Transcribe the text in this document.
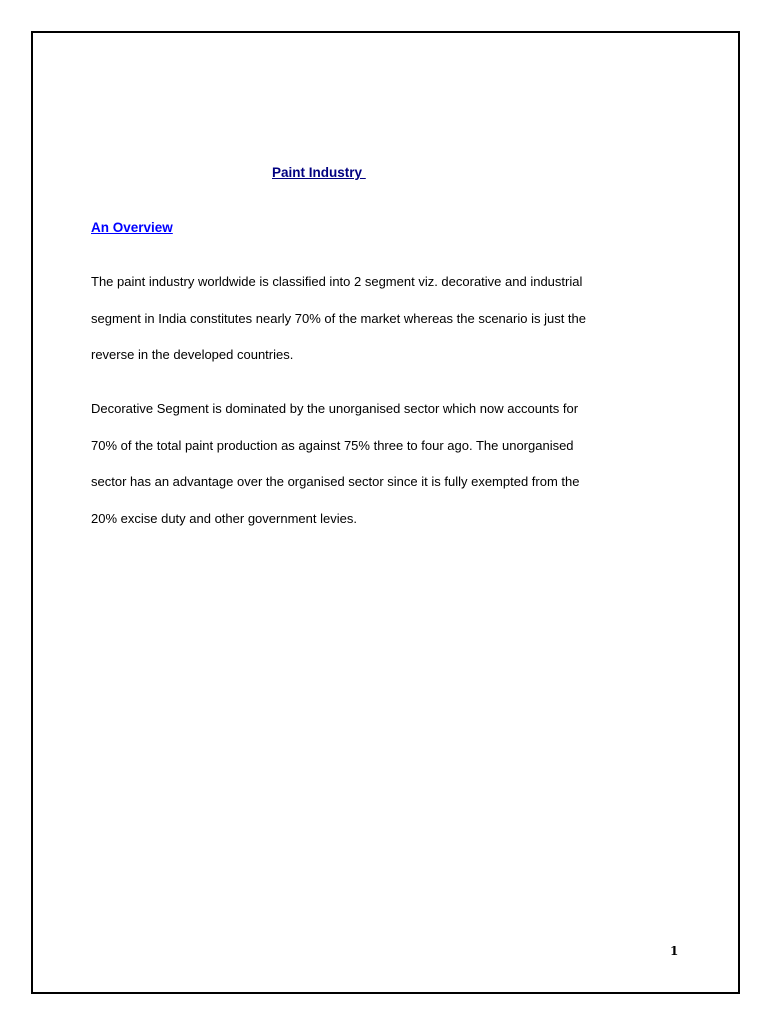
Paint Industry
An Overview
The paint industry worldwide is classified into 2 segment viz. decorative and industrial
segment in India constitutes nearly 70% of the market whereas the scenario is just the
reverse in the developed countries.
Decorative Segment is dominated by the unorganised sector which now accounts for
70% of the total paint production as against 75% three to four ago. The unorganised
sector has an advantage over the organised sector since it is fully exempted from the
20% excise duty and other government levies.
1
